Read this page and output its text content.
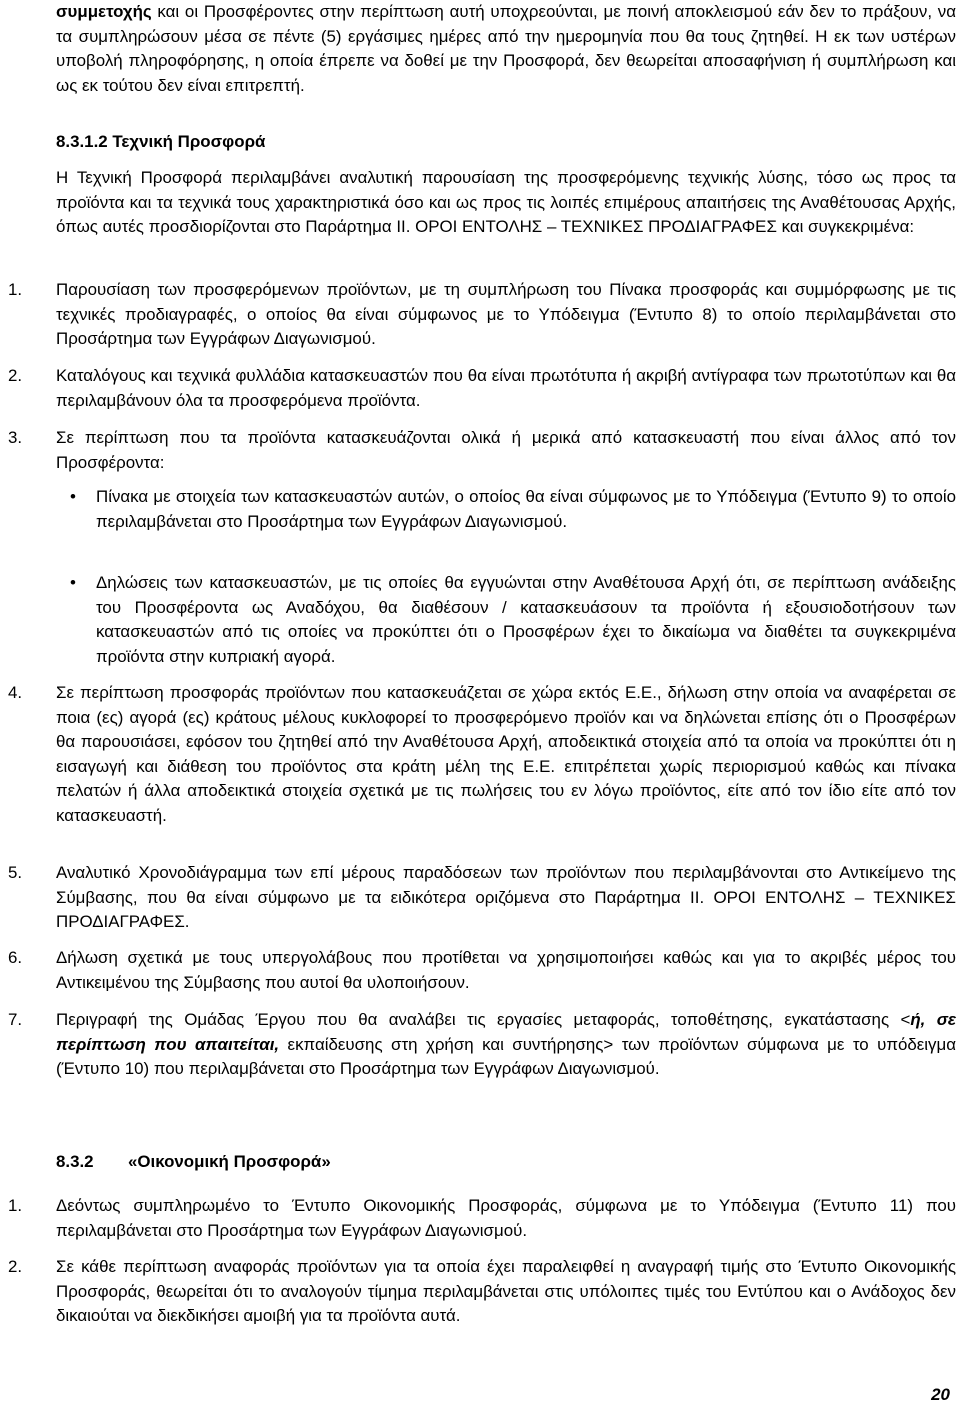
συμμετοχής και οι Προσφέροντες στην περίπτωση αυτή υποχρεούνται, με ποινή αποκλεισμού εάν δεν το πράξουν, να τα συμπληρώσουν μέσα σε πέντε (5) εργάσιμες ημέρες από την ημερομηνία που θα τους ζητηθεί. Η εκ των υστέρων υποβολή πληροφόρησης, η οποία έπρεπε να δοθεί με την Προσφορά, δεν θεωρείται αποσαφήνιση ή συμπλήρωση και ως εκ τούτου δεν είναι επιτρεπτή.

8.3.1.2 Τεχνική Προσφορά

Η Τεχνική Προσφορά περιλαμβάνει αναλυτική παρουσίαση της προσφερόμενης τεχνικής λύσης, τόσο ως προς τα προϊόντα και τα τεχνικά τους χαρακτηριστικά όσο και ως προς τις λοιπές επιμέρους απαιτήσεις της Αναθέτουσας Αρχής, όπως αυτές προσδιορίζονται στο Παράρτημα ΙΙ. ΟΡΟΙ ΕΝΤΟΛΗΣ – ΤΕΧΝΙΚΕΣ ΠΡΟΔΙΑΓΡΑΦΕΣ και συγκεκριμένα:

1. Παρουσίαση των προσφερόμενων προϊόντων, με τη συμπλήρωση του Πίνακα προσφοράς και συμμόρφωσης με τις τεχνικές προδιαγραφές, ο οποίος θα είναι σύμφωνος με το Υπόδειγμα (Έντυπο 8) το οποίο περιλαμβάνεται στο Προσάρτημα των Εγγράφων Διαγωνισμού.

2. Καταλόγους και τεχνικά φυλλάδια κατασκευαστών που θα είναι πρωτότυπα ή ακριβή αντίγραφα των πρωτοτύπων και θα περιλαμβάνουν όλα τα προσφερόμενα προϊόντα.

3. Σε περίπτωση που τα προϊόντα κατασκευάζονται ολικά ή μερικά από κατασκευαστή που είναι άλλος από τον Προσφέροντα:

• Πίνακα με στοιχεία των κατασκευαστών αυτών, ο οποίος θα είναι σύμφωνος με το Υπόδειγμα (Έντυπο 9) το οποίο περιλαμβάνεται στο Προσάρτημα των Εγγράφων Διαγωνισμού.

• Δηλώσεις των κατασκευαστών, με τις οποίες θα εγγυώνται στην Αναθέτουσα Αρχή ότι, σε περίπτωση ανάδειξης του Προσφέροντα ως Αναδόχου, θα διαθέσουν / κατασκευάσουν τα προϊόντα ή εξουσιοδοτήσουν των κατασκευαστών από τις οποίες να προκύπτει ότι ο Προσφέρων έχει το δικαίωμα να διαθέτει τα συγκεκριμένα προϊόντα στην κυπριακή αγορά.

4. Σε περίπτωση προσφοράς προϊόντων που κατασκευάζεται σε χώρα εκτός Ε.Ε., δήλωση στην οποία να αναφέρεται σε ποια (ες) αγορά (ες) κράτους μέλους κυκλοφορεί το προσφερόμενο προϊόν και να δηλώνεται επίσης ότι ο Προσφέρων θα παρουσιάσει, εφόσον του ζητηθεί από την Αναθέτουσα Αρχή, αποδεικτικά στοιχεία από τα οποία να προκύπτει ότι η εισαγωγή και διάθεση του προϊόντος στα κράτη μέλη της Ε.Ε. επιτρέπεται χωρίς περιορισμού καθώς και πίνακα πελατών ή άλλα αποδεικτικά στοιχεία σχετικά με τις πωλήσεις του εν λόγω προϊόντος, είτε από τον ίδιο είτε από τον κατασκευαστή.

5. Αναλυτικό Χρονοδιάγραμμα των επί μέρους παραδόσεων των προϊόντων που περιλαμβάνονται στο Αντικείμενο της Σύμβασης, που θα είναι σύμφωνο με τα ειδικότερα οριζόμενα στο Παράρτημα ΙΙ. ΟΡΟΙ ΕΝΤΟΛΗΣ – ΤΕΧΝΙΚΕΣ ΠΡΟΔΙΑΓΡΑΦΕΣ.

6. Δήλωση σχετικά με τους υπεργολάβους που προτίθεται να χρησιμοποιήσει καθώς και για το ακριβές μέρος του Αντικειμένου της Σύμβασης που αυτοί θα υλοποιήσουν.

7. Περιγραφή της Ομάδας Έργου που θα αναλάβει τις εργασίες μεταφοράς, τοποθέτησης, εγκατάστασης <ή, σε περίπτωση που απαιτείται, εκπαίδευσης στη χρήση και συντήρησης> των προϊόντων σύμφωνα με το υπόδειγμα (Έντυπο 10) που περιλαμβάνεται στο Προσάρτημα των Εγγράφων Διαγωνισμού.

8.3.2 «Οικονομική Προσφορά»
1. Δεόντως συμπληρωμένο το Έντυπο Οικονομικής Προσφοράς, σύμφωνα με το Υπόδειγμα (Έντυπο 11) που περιλαμβάνεται στο Προσάρτημα των Εγγράφων Διαγωνισμού.

2. Σε κάθε περίπτωση αναφοράς προϊόντων για τα οποία έχει παραλειφθεί η αναγραφή τιμής στο Έντυπο Οικονομικής Προσφοράς, θεωρείται ότι το αναλογούν τίμημα περιλαμβάνεται στις υπόλοιπες τιμές του Εντύπου και ο Ανάδοχος δεν δικαιούται να διεκδικήσει αμοιβή για τα προϊόντα αυτά.

20
